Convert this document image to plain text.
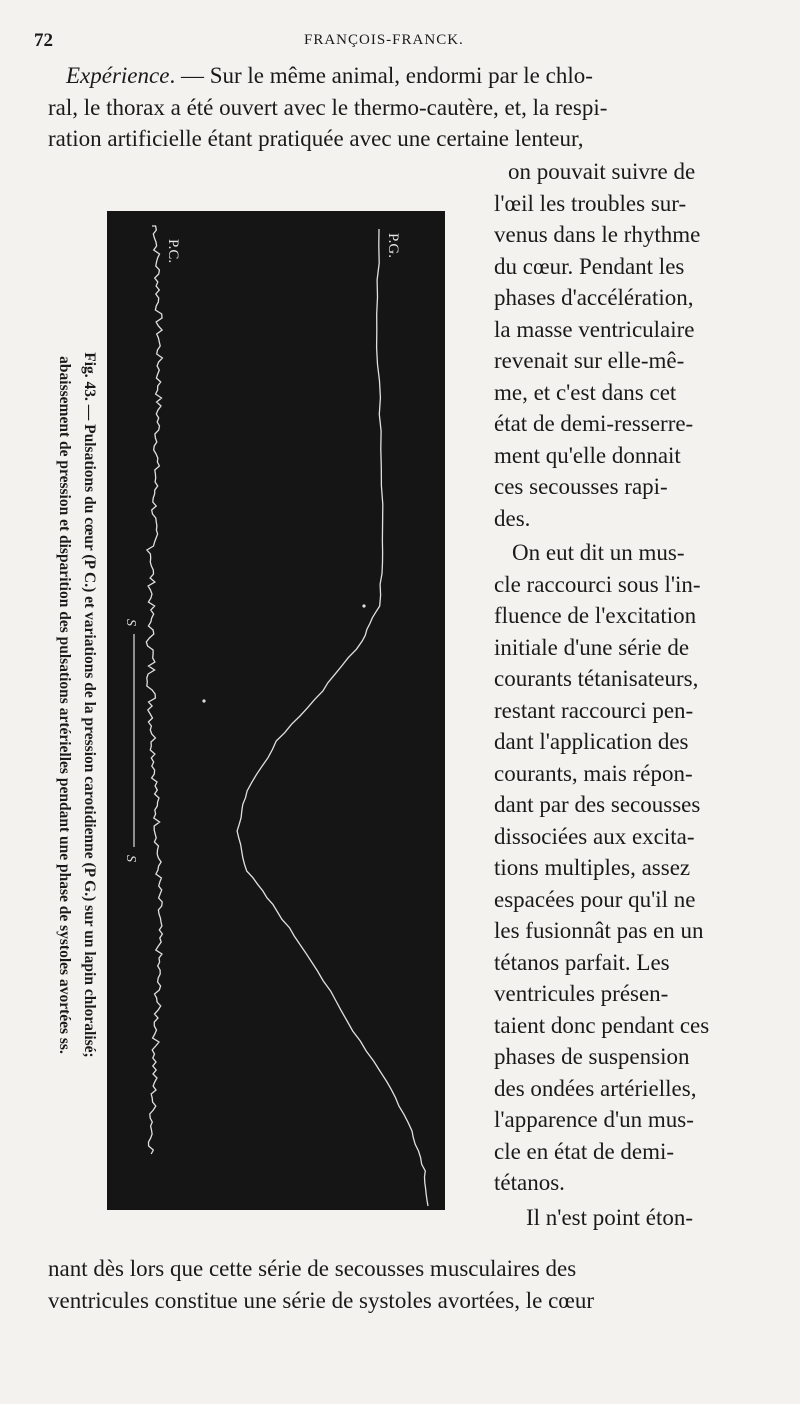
72	FRANÇOIS-FRANCK.

Expérience. — Sur le même animal, endormi par le chlo-

ral, le thorax a été ouvert avec le thermo-cautère, et, la respi-

ration artificielle étant pratiquée avec une certaine lenteur,

on pouvait suivre de

l'œil les troubles sur-

venus dans le rhythme

du cœur. Pendant les

phases d'accélération,

la masse ventriculaire

revenait sur elle-mê-

me, et c'est dans cet

état de demi-resserre-

ment qu'elle donnait

ces secousses rapi-

des.

On eut dit un mus-

cle raccourci sous l'in-

fluence de l'excitation

initiale d'une série de

courants tétanisateurs,

restant raccourci pen-

dant l'application des

courants, mais répon-

dant par des secousses

dissociées aux excita-

tions multiples, assez

espacées pour qu'il ne

les fusionnât pas en un

tétanos parfait. Les

ventricules présen-

taient donc pendant ces

phases de suspension

des ondées artérielles,

l'apparence d'un mus-

cle en état de demi-

tétanos.

Il n'est point éton-

nant dès lors que cette série de secousses musculaires des

ventricules constitue une série de systoles avortées, le cœur

Fig. 43. — Pulsations du cœur (P C.) et variations de la pression carotidienne (P G.) sur un lapin chloralisé;
abaissement de pression et disparition des pulsations artérielles pendant une phase de systoles avortées ss.
P.C.	P.G.
S
S
